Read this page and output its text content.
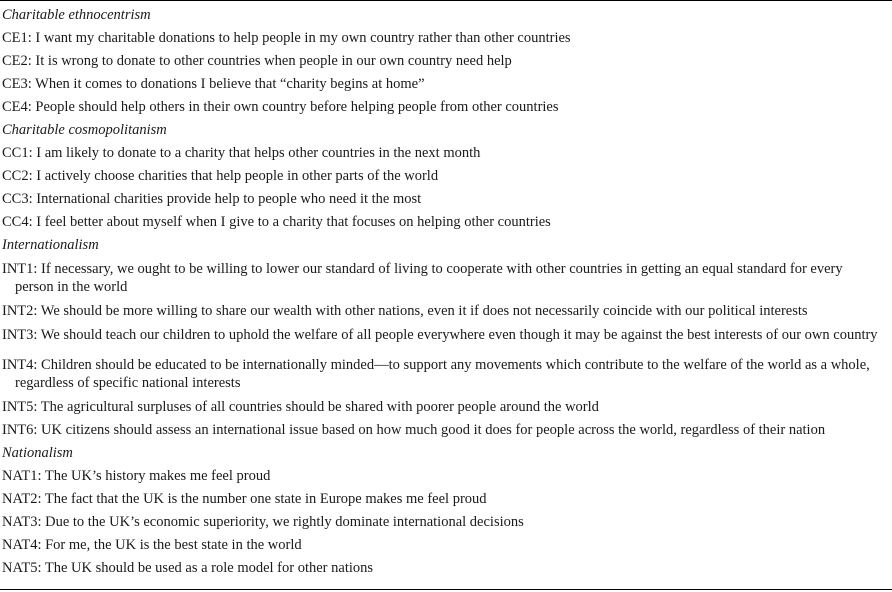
Charitable ethnocentrism
CE1: I want my charitable donations to help people in my own country rather than other countries
CE2: It is wrong to donate to other countries when people in our own country need help
CE3: When it comes to donations I believe that “charity begins at home”
CE4: People should help others in their own country before helping people from other countries
Charitable cosmopolitanism
CC1: I am likely to donate to a charity that helps other countries in the next month
CC2: I actively choose charities that help people in other parts of the world
CC3: International charities provide help to people who need it the most
CC4: I feel better about myself when I give to a charity that focuses on helping other countries
Internationalism
INT1: If necessary, we ought to be willing to lower our standard of living to cooperate with other countries in getting an equal standard for every person in the world
INT2: We should be more willing to share our wealth with other nations, even it if does not necessarily coincide with our political interests
INT3: We should teach our children to uphold the welfare of all people everywhere even though it may be against the best interests of our own country
INT4: Children should be educated to be internationally minded—to support any movements which contribute to the welfare of the world as a whole, regardless of specific national interests
INT5: The agricultural surpluses of all countries should be shared with poorer people around the world
INT6: UK citizens should assess an international issue based on how much good it does for people across the world, regardless of their nation
Nationalism
NAT1: The UK’s history makes me feel proud
NAT2: The fact that the UK is the number one state in Europe makes me feel proud
NAT3: Due to the UK’s economic superiority, we rightly dominate international decisions
NAT4: For me, the UK is the best state in the world
NAT5: The UK should be used as a role model for other nations
